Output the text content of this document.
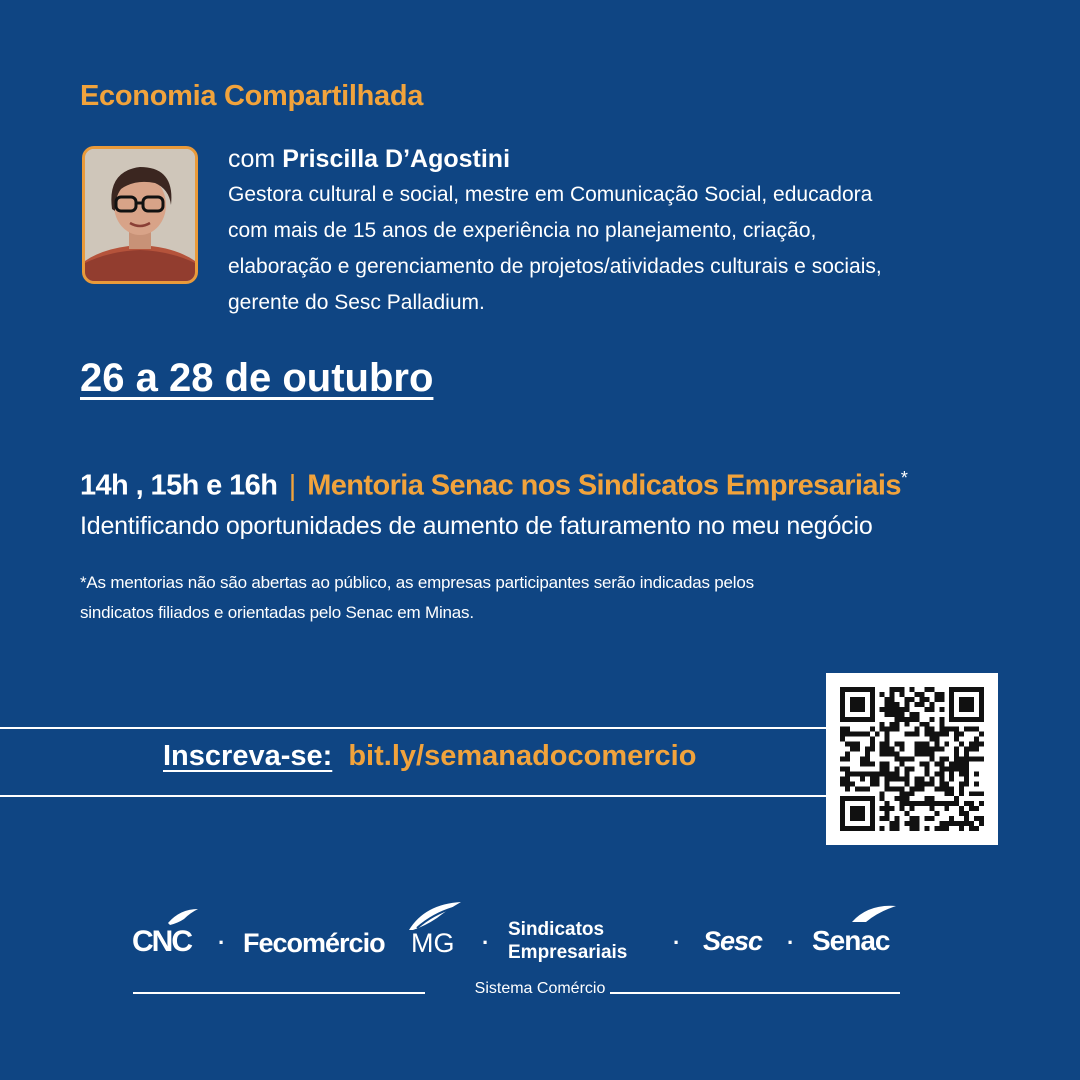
Economia Compartilhada
com Priscilla D’Agostini
Gestora cultural e social, mestre em Comunicação Social, educadora
com mais de 15 anos de experiência no planejamento, criação,
elaboração e gerenciamento de projetos/atividades culturais e sociais,
gerente do Sesc Palladium.
26 a 28 de outubro
14h , 15h e 16h | Mentoria Senac nos Sindicatos Empresariais*
Identificando oportunidades de aumento de faturamento no meu negócio
*As mentorias não são abertas ao público, as empresas participantes serão indicadas pelos
sindicatos filiados e orientadas pelo Senac em Minas.
Inscreva-se: bit.ly/semanadocomercio
CNC · Fecomércio MG ·
Sindicatos
Empresariais · Sesc · Senac
Sistema Comércio
